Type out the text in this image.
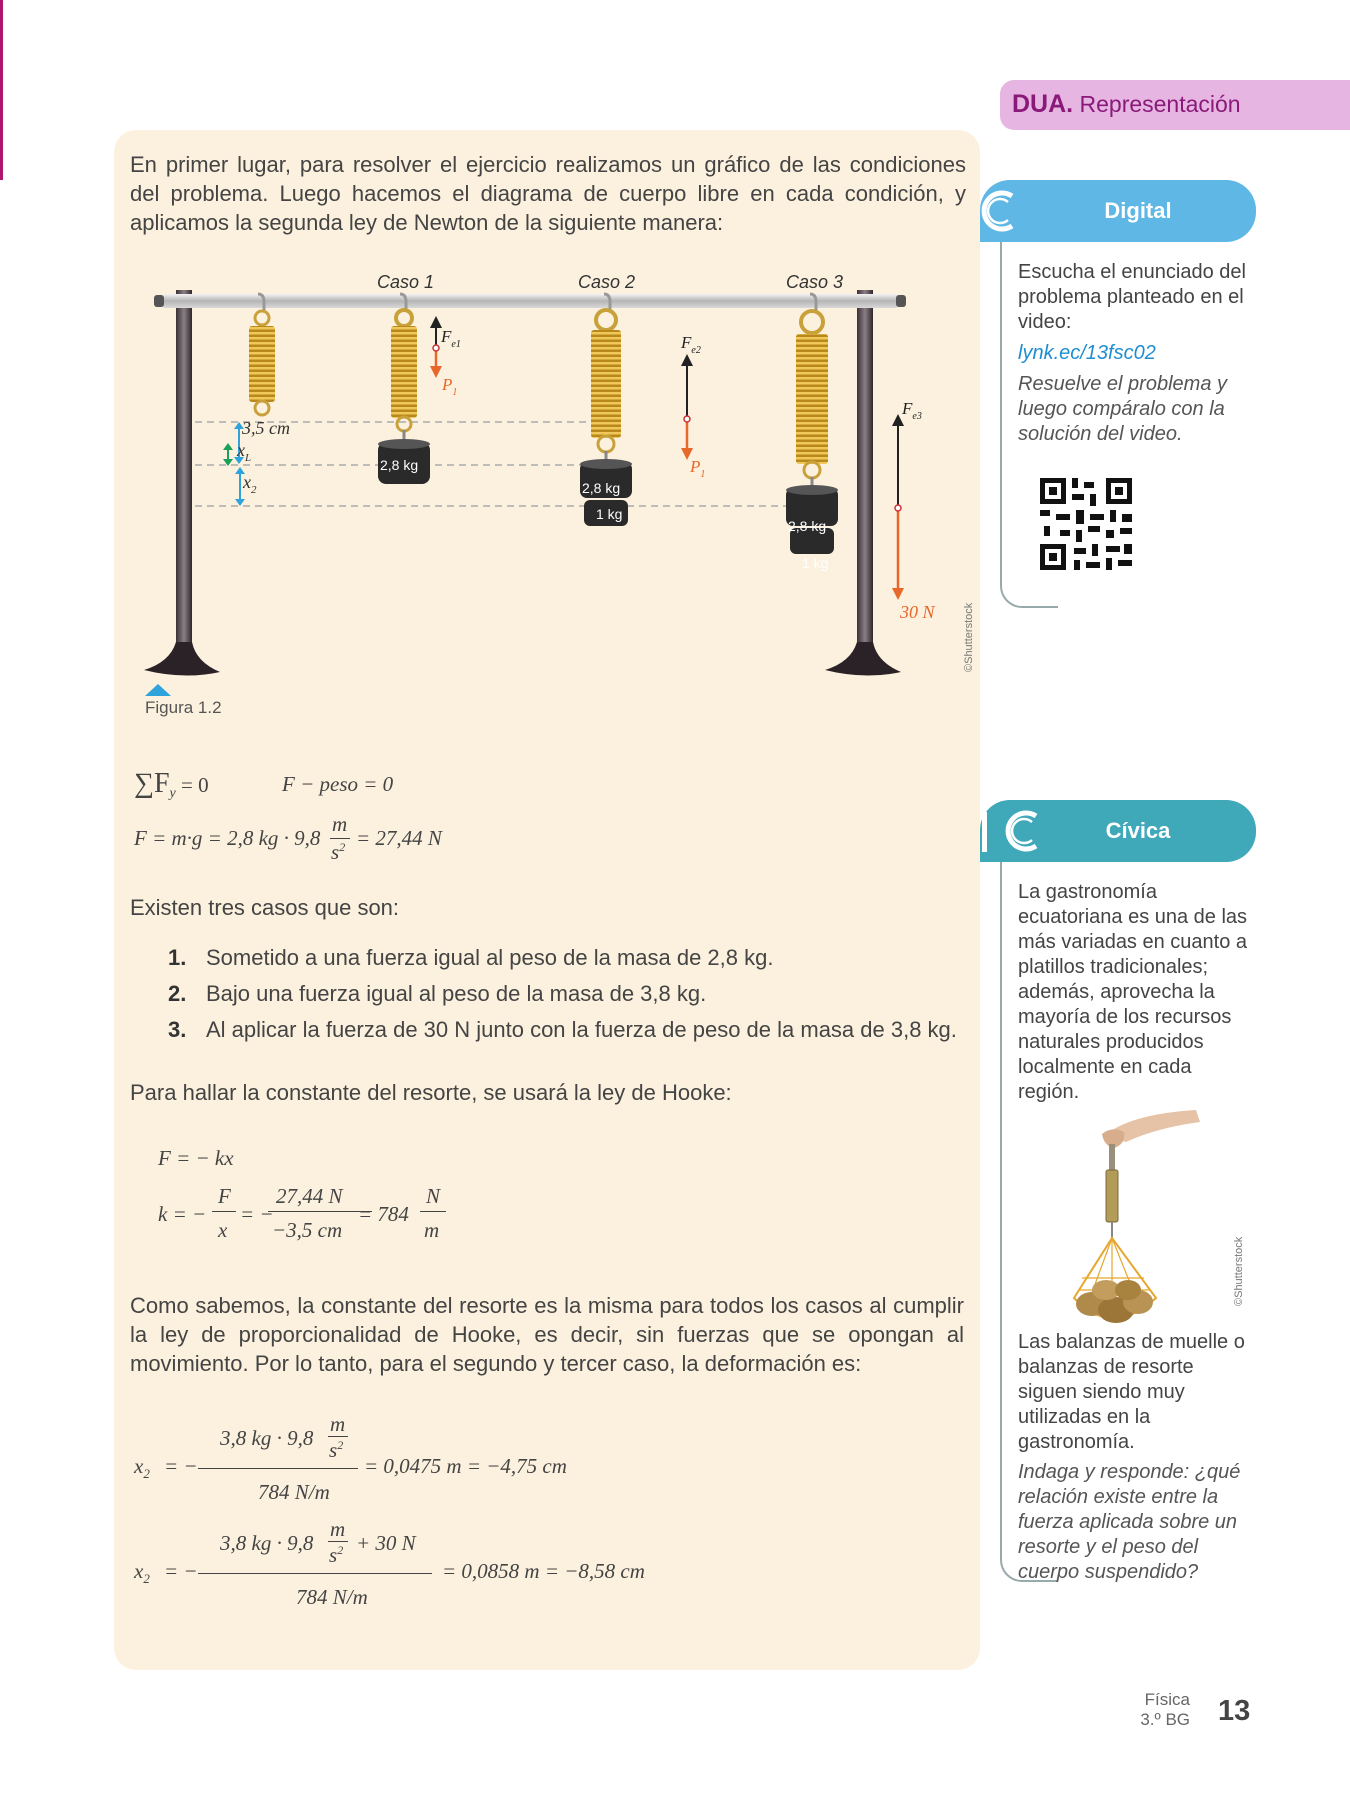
En primer lugar, para resolver el ejercicio realizamos un gráfico de las condiciones del problema. Luego hacemos el diagrama de cuerpo libre en cada condición, y aplicamos la segunda ley de Newton de la siguiente manera:

Caso 1	Caso 2	Caso 3
3,5 cm
$x_L$
$x_2$
2,8 kg
$F_{e1}$
$P_1$
2,8 kg
1 kg
$F_{e2}$
$P_1$
2,8 kg
1 kg
$F_{e3}$
30 N	©Shutterstock
Figura 1.2
$\sum F_y = 0$	F − peso = 0
F = m·g = 2,8 kg · 9,8
m
$s^2 = 27,44$ N

Existen tres casos que son:

1. Sometido a una fuerza igual al peso de la masa de 2,8 kg.
2. Bajo una fuerza igual al peso de la masa de 3,8 kg.
3. Al aplicar la fuerza de 30 N junto con la fuerza de peso de la masa de 3,8 kg.

Para hallar la constante del resorte, se usará la ley de Hooke:

F = − kx
k = −
F
x
= −
27,44 N
−3,5 cm
= 784
N
m

Como sabemos, la constante del resorte es la misma para todos los casos al cumplir la ley de proporcionalidad de Hooke, es decir, sin fuerzas que se opongan al movimiento. Por lo tanto, para el segundo y tercer caso, la deformación es:

$x_2$ = −
3,8 kg · 9,8
m
$s^2$
784 N/m
= 0,0475 m = −4,75 cm
$x_2$ = −
3,8 kg · 9,8
m
$s^2 + 30$ N
784 N/m
= 0,0858 m = −8,58 cm
DUA. Representación
Digital

Escucha el enunciado del problema planteado en el video:

lynk.ec/13fsc02

Resuelve el problema y luego compáralo con la solución del video.

Cívica

La gastronomía ecuatoriana es una de las más variadas en cuanto a platillos tradicionales; además, aprovecha la mayoría de los recursos naturales producidos localmente en cada región.

©Shutterstock

Las balanzas de muelle o balanzas de resorte siguen siendo muy utilizadas en la gastronomía.

Indaga y responde: ¿qué relación existe entre la fuerza aplicada sobre un resorte y el peso del cuerpo suspendido?

Física
3.º BG 13
